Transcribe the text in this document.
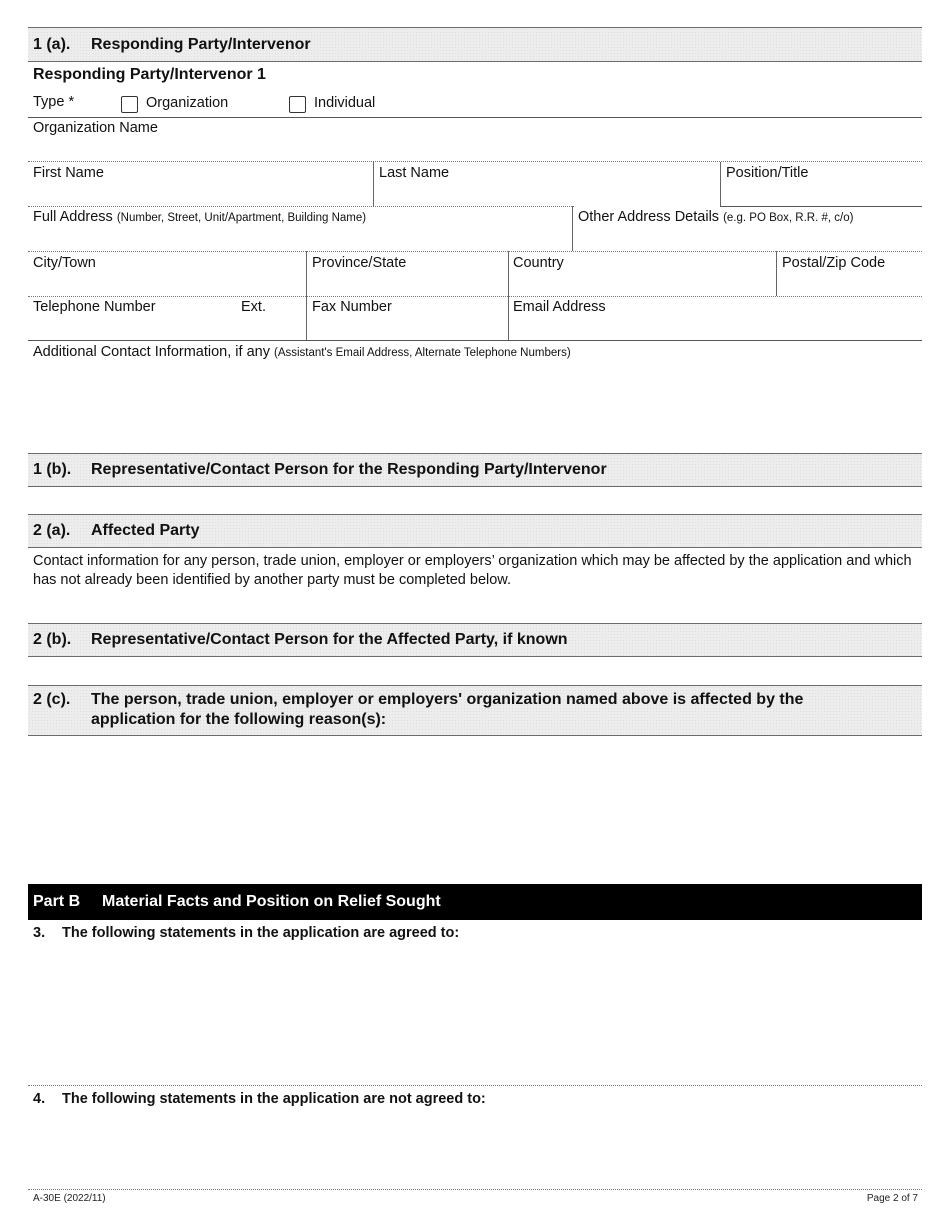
1 (a). Responding Party/Intervenor
Responding Party/Intervenor 1
Type *	Organization	Individual
Organization Name
First Name	Last Name	Position/Title
Full Address (Number, Street, Unit/Apartment, Building Name)	Other Address Details (e.g. PO Box, R.R. #, c/o)
City/Town	Province/State	Country	Postal/Zip Code
Telephone Number	Ext.	Fax Number	Email Address
Additional Contact Information, if any (Assistant's Email Address, Alternate Telephone Numbers)
1 (b). Representative/Contact Person for the Responding Party/Intervenor
2 (a). Affected Party
Contact information for any person, trade union, employer or employers’ organization which may be affected by the application and which has not already been identified by another party must be completed below.
2 (b). Representative/Contact Person for the Affected Party, if known
2 (c). The person, trade union, employer or employers' organization named above is affected by the application for the following reason(s):
Part B Material Facts and Position on Relief Sought
3. The following statements in the application are agreed to:
4. The following statements in the application are not agreed to:
A-30E (2022/11)	Page 2 of 7
